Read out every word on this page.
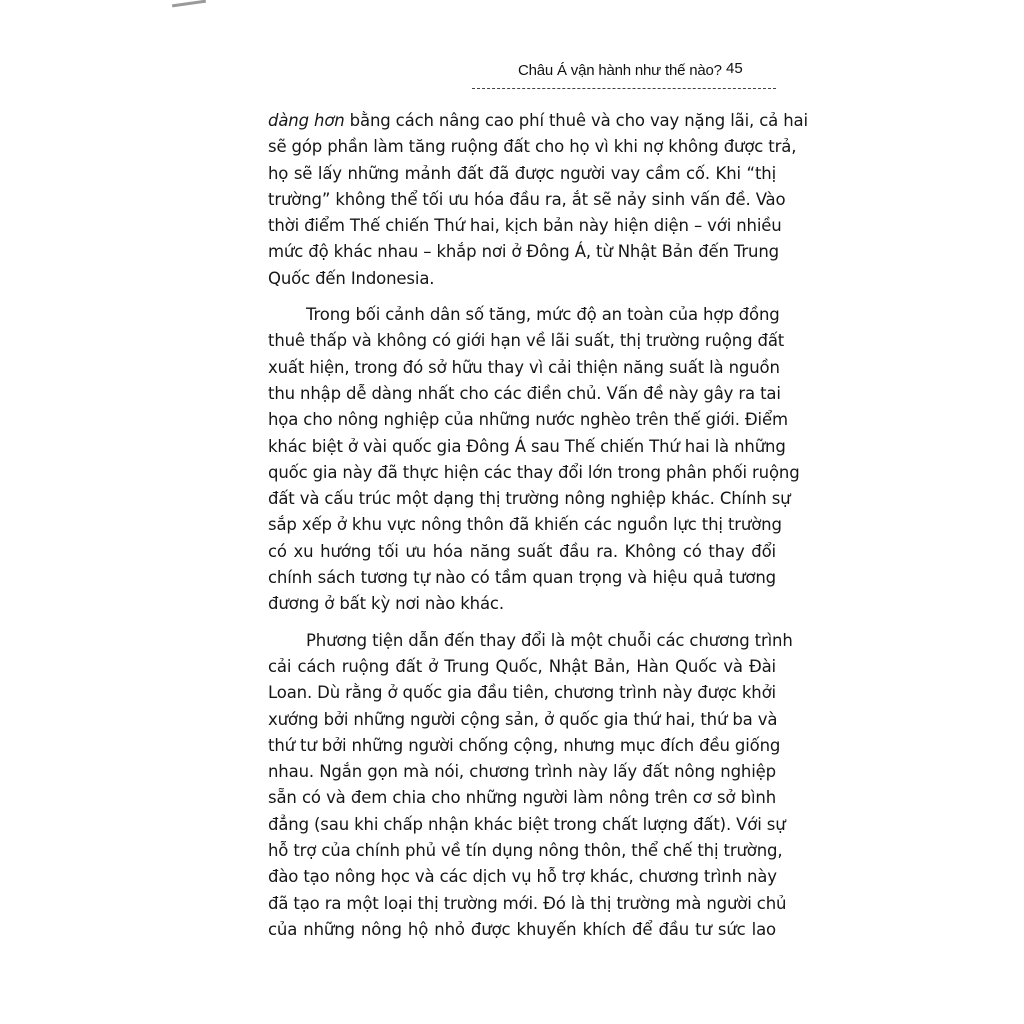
Châu Á vận hành như thế nào? 45
dàng hơn bằng cách nâng cao phí thuê và cho vay nặng lãi, cả hai
sẽ góp phần làm tăng ruộng đất cho họ vì khi nợ không được trả,
họ sẽ lấy những mảnh đất đã được người vay cầm cố. Khi “thị
trường” không thể tối ưu hóa đầu ra, ắt sẽ nảy sinh vấn đề. Vào
thời điểm Thế chiến Thứ hai, kịch bản này hiện diện – với nhiều
mức độ khác nhau – khắp nơi ở Đông Á, từ Nhật Bản đến Trung
Quốc đến Indonesia.
Trong bối cảnh dân số tăng, mức độ an toàn của hợp đồng
thuê thấp và không có giới hạn về lãi suất, thị trường ruộng đất
xuất hiện, trong đó sở hữu thay vì cải thiện năng suất là nguồn
thu nhập dễ dàng nhất cho các điền chủ. Vấn đề này gây ra tai
họa cho nông nghiệp của những nước nghèo trên thế giới. Điểm
khác biệt ở vài quốc gia Đông Á sau Thế chiến Thứ hai là những
quốc gia này đã thực hiện các thay đổi lớn trong phân phối ruộng
đất và cấu trúc một dạng thị trường nông nghiệp khác. Chính sự
sắp xếp ở khu vực nông thôn đã khiến các nguồn lực thị trường
có xu hướng tối ưu hóa năng suất đầu ra. Không có thay đổi
chính sách tương tự nào có tầm quan trọng và hiệu quả tương
đương ở bất kỳ nơi nào khác.
Phương tiện dẫn đến thay đổi là một chuỗi các chương trình
cải cách ruộng đất ở Trung Quốc, Nhật Bản, Hàn Quốc và Đài
Loan. Dù rằng ở quốc gia đầu tiên, chương trình này được khởi
xướng bởi những người cộng sản, ở quốc gia thứ hai, thứ ba và
thứ tư bởi những người chống cộng, nhưng mục đích đều giống
nhau. Ngắn gọn mà nói, chương trình này lấy đất nông nghiệp
sẵn có và đem chia cho những người làm nông trên cơ sở bình
đẳng (sau khi chấp nhận khác biệt trong chất lượng đất). Với sự
hỗ trợ của chính phủ về tín dụng nông thôn, thể chế thị trường,
đào tạo nông học và các dịch vụ hỗ trợ khác, chương trình này
đã tạo ra một loại thị trường mới. Đó là thị trường mà người chủ
của những nông hộ nhỏ được khuyến khích để đầu tư sức lao
